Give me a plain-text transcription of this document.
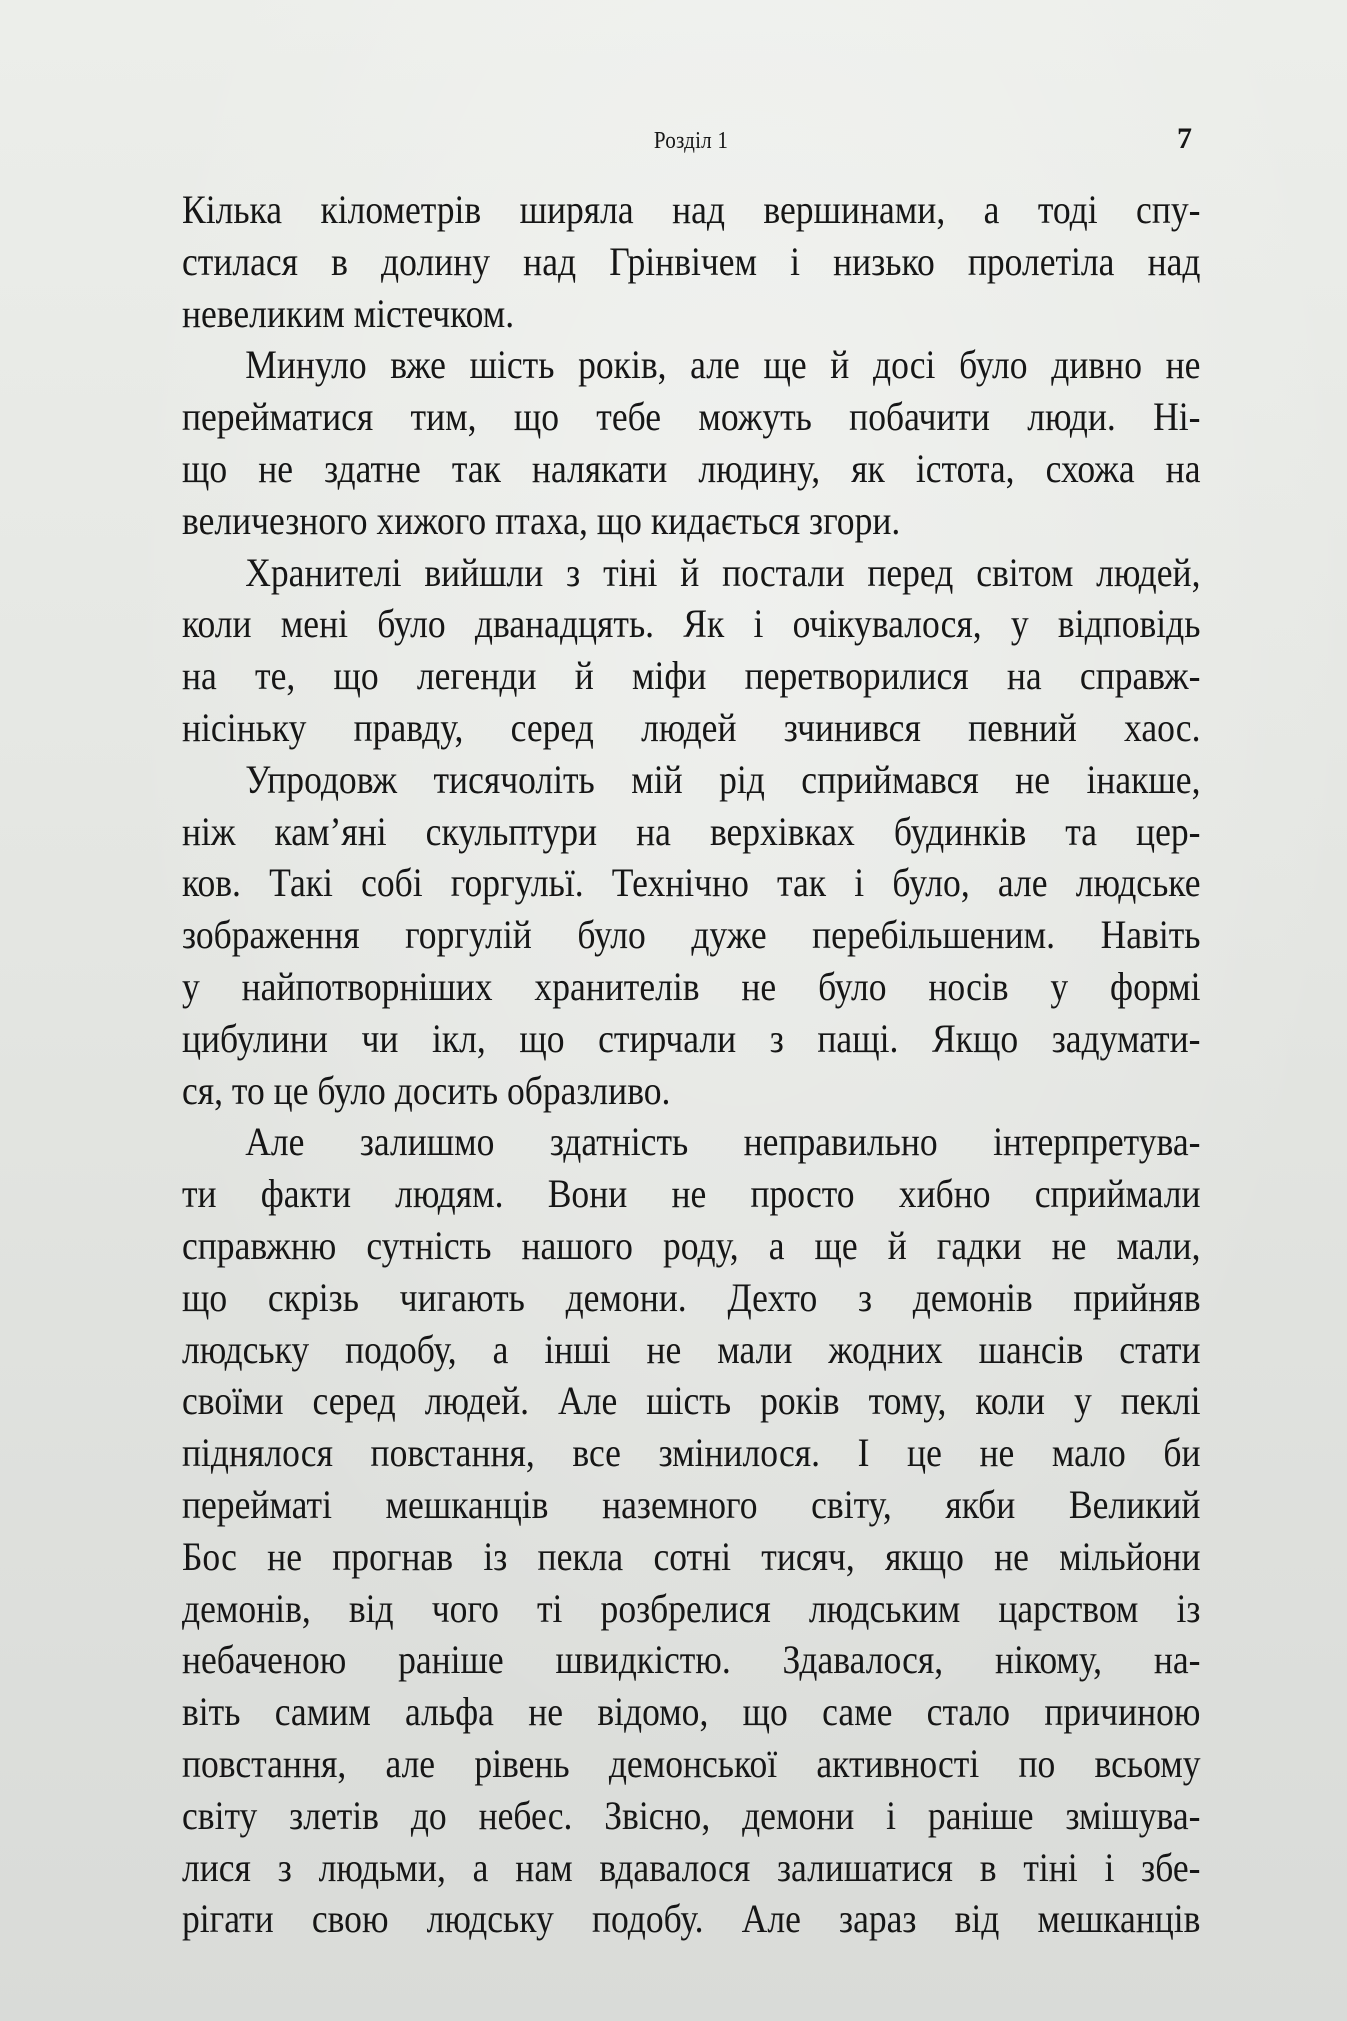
Розділ 1	7
Кілька кілометрів ширяла над вершинами, а тоді спу-
стилася в долину над Грінвічем і низько пролетіла над
невеликим містечком.
Минуло вже шість років, але ще й досі було дивно не
перейматися тим, що тебе можуть побачити люди. Ні-
що не здатне так налякати людину, як істота, схожа на
величезного хижого птаха, що кидається згори.
Хранителі вийшли з тіні й постали перед світом людей,
коли мені було дванадцять. Як і очікувалося, у відповідь
на те, що легенди й міфи перетворилися на справж-
нісіньку правду, серед людей зчинився певний хаос.
Упродовж тисячоліть мій рід сприймався не інакше,
ніж кам’яні скульптури на верхівках будинків та цер-
ков. Такі собі горгульї. Технічно так і було, але людське
зображення горгулій було дуже перебільшеним. Навіть
у найпотворніших хранителів не було носів у формі
цибулини чи ікл, що стирчали з пащі. Якщо задумати-
ся, то це було досить образливо.
Але залишмо здатність неправильно інтерпретува-
ти факти людям. Вони не просто хибно сприймали
справжню сутність нашого роду, а ще й гадки не мали,
що скрізь чигають демони. Дехто з демонів прийняв
людську подобу, а інші не мали жодних шансів стати
своїми серед людей. Але шість років тому, коли у пеклі
піднялося повстання, все змінилося. І це не мало би
перейматі мешканців наземного світу, якби Великий
Бос не прогнав із пекла сотні тисяч, якщо не мільйони
демонів, від чого ті розбрелися людським царством із
небаченою раніше швидкістю. Здавалося, нікому, на-
віть самим альфа не відомо, що саме стало причиною
повстання, але рівень демонської активності по всьому
світу злетів до небес. Звісно, демони і раніше змішува-
лися з людьми, а нам вдавалося залишатися в тіні і збе-
рігати свою людську подобу. Але зараз від мешканців
